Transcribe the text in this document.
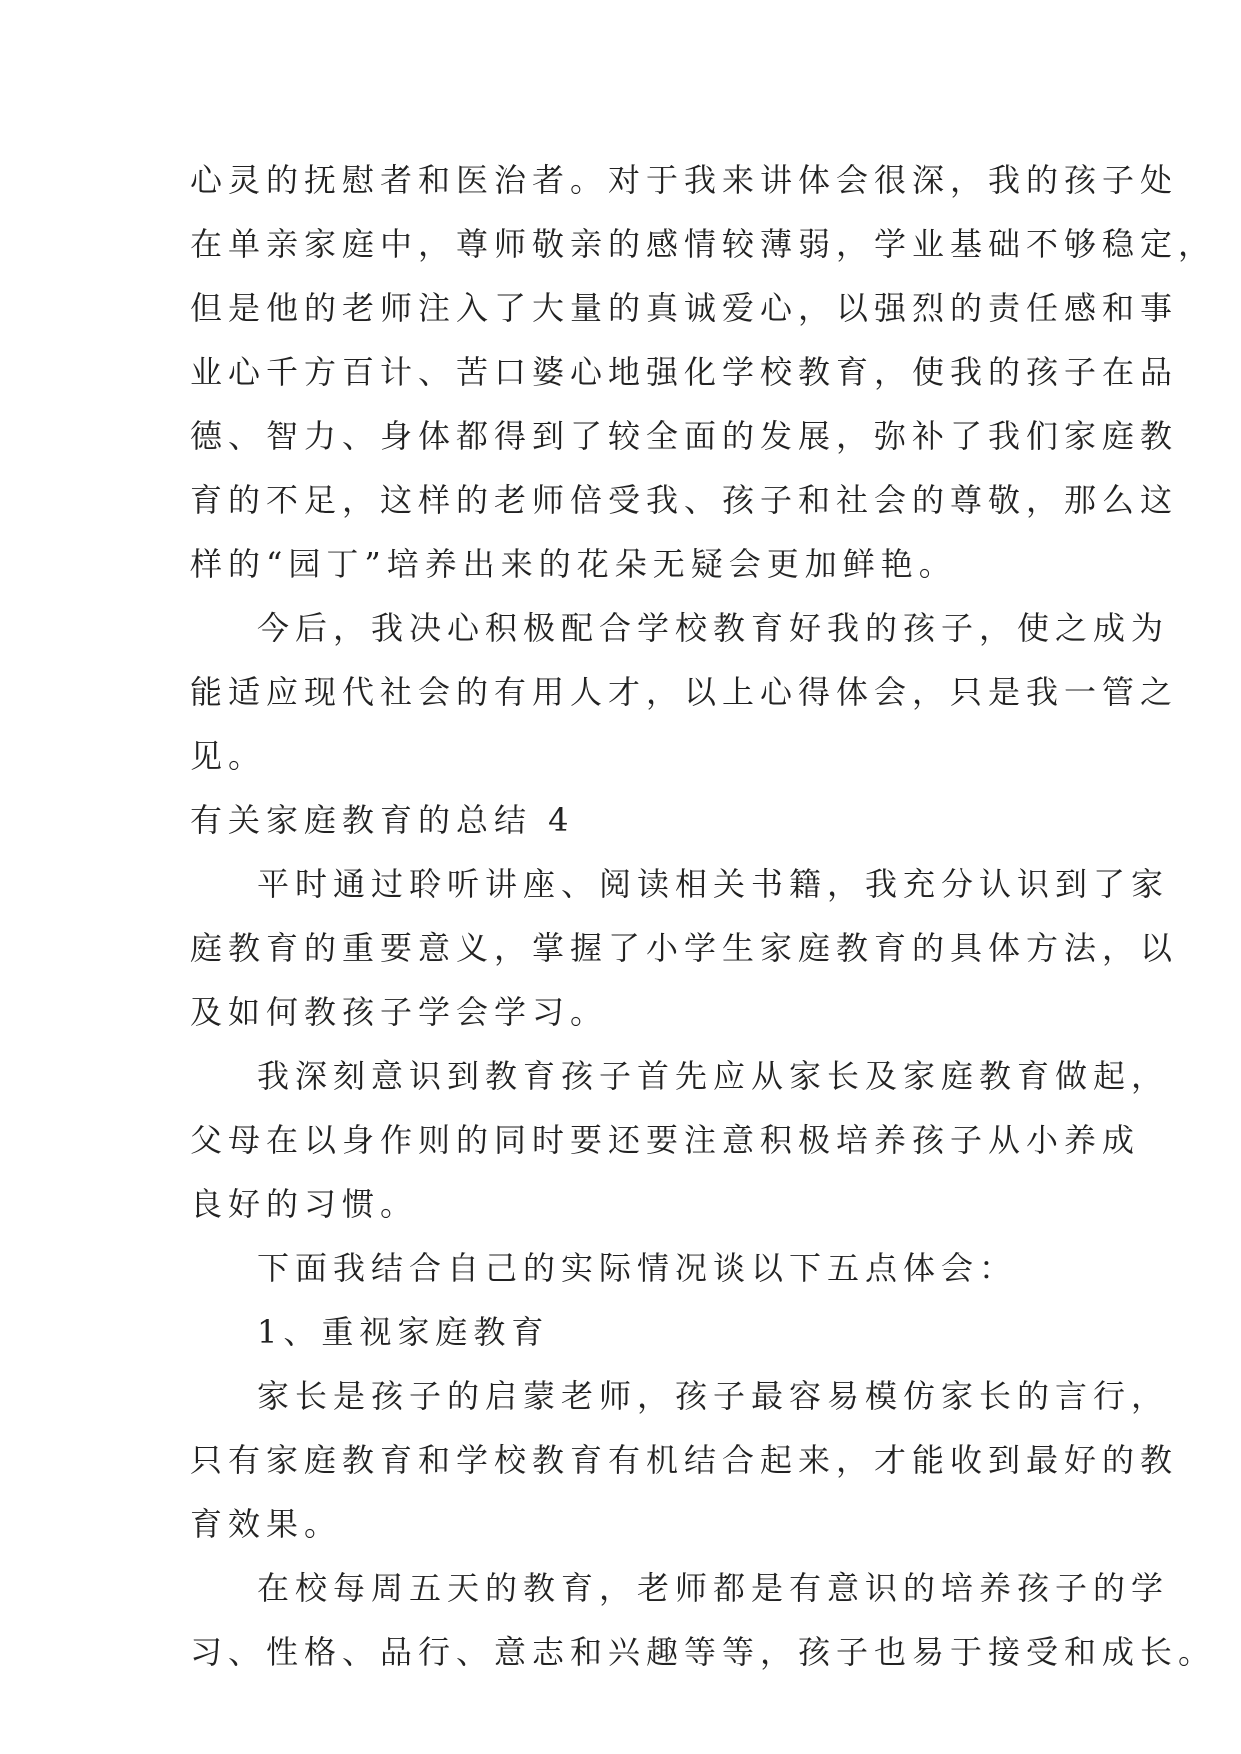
心灵的抚慰者和医治者。对于我来讲体会很深，我的孩子处
在单亲家庭中，尊师敬亲的感情较薄弱，学业基础不够稳定，
但是他的老师注入了大量的真诚爱心，以强烈的责任感和事
业心千方百计、苦口婆心地强化学校教育，使我的孩子在品
德、智力、身体都得到了较全面的发展，弥补了我们家庭教
育的不足，这样的老师倍受我、孩子和社会的尊敬，那么这
样的“园丁”培养出来的花朵无疑会更加鲜艳。
今后，我决心积极配合学校教育好我的孩子，使之成为
能适应现代社会的有用人才，以上心得体会，只是我一管之
见。
有关家庭教育的总结 4
平时通过聆听讲座、阅读相关书籍，我充分认识到了家
庭教育的重要意义，掌握了小学生家庭教育的具体方法，以
及如何教孩子学会学习。
我深刻意识到教育孩子首先应从家长及家庭教育做起，
父母在以身作则的同时要还要注意积极培养孩子从小养成
良好的习惯。
下面我结合自己的实际情况谈以下五点体会：
1、重视家庭教育
家长是孩子的启蒙老师，孩子最容易模仿家长的言行，
只有家庭教育和学校教育有机结合起来，才能收到最好的教
育效果。
在校每周五天的教育，老师都是有意识的培养孩子的学
习、性格、品行、意志和兴趣等等，孩子也易于接受和成长。
